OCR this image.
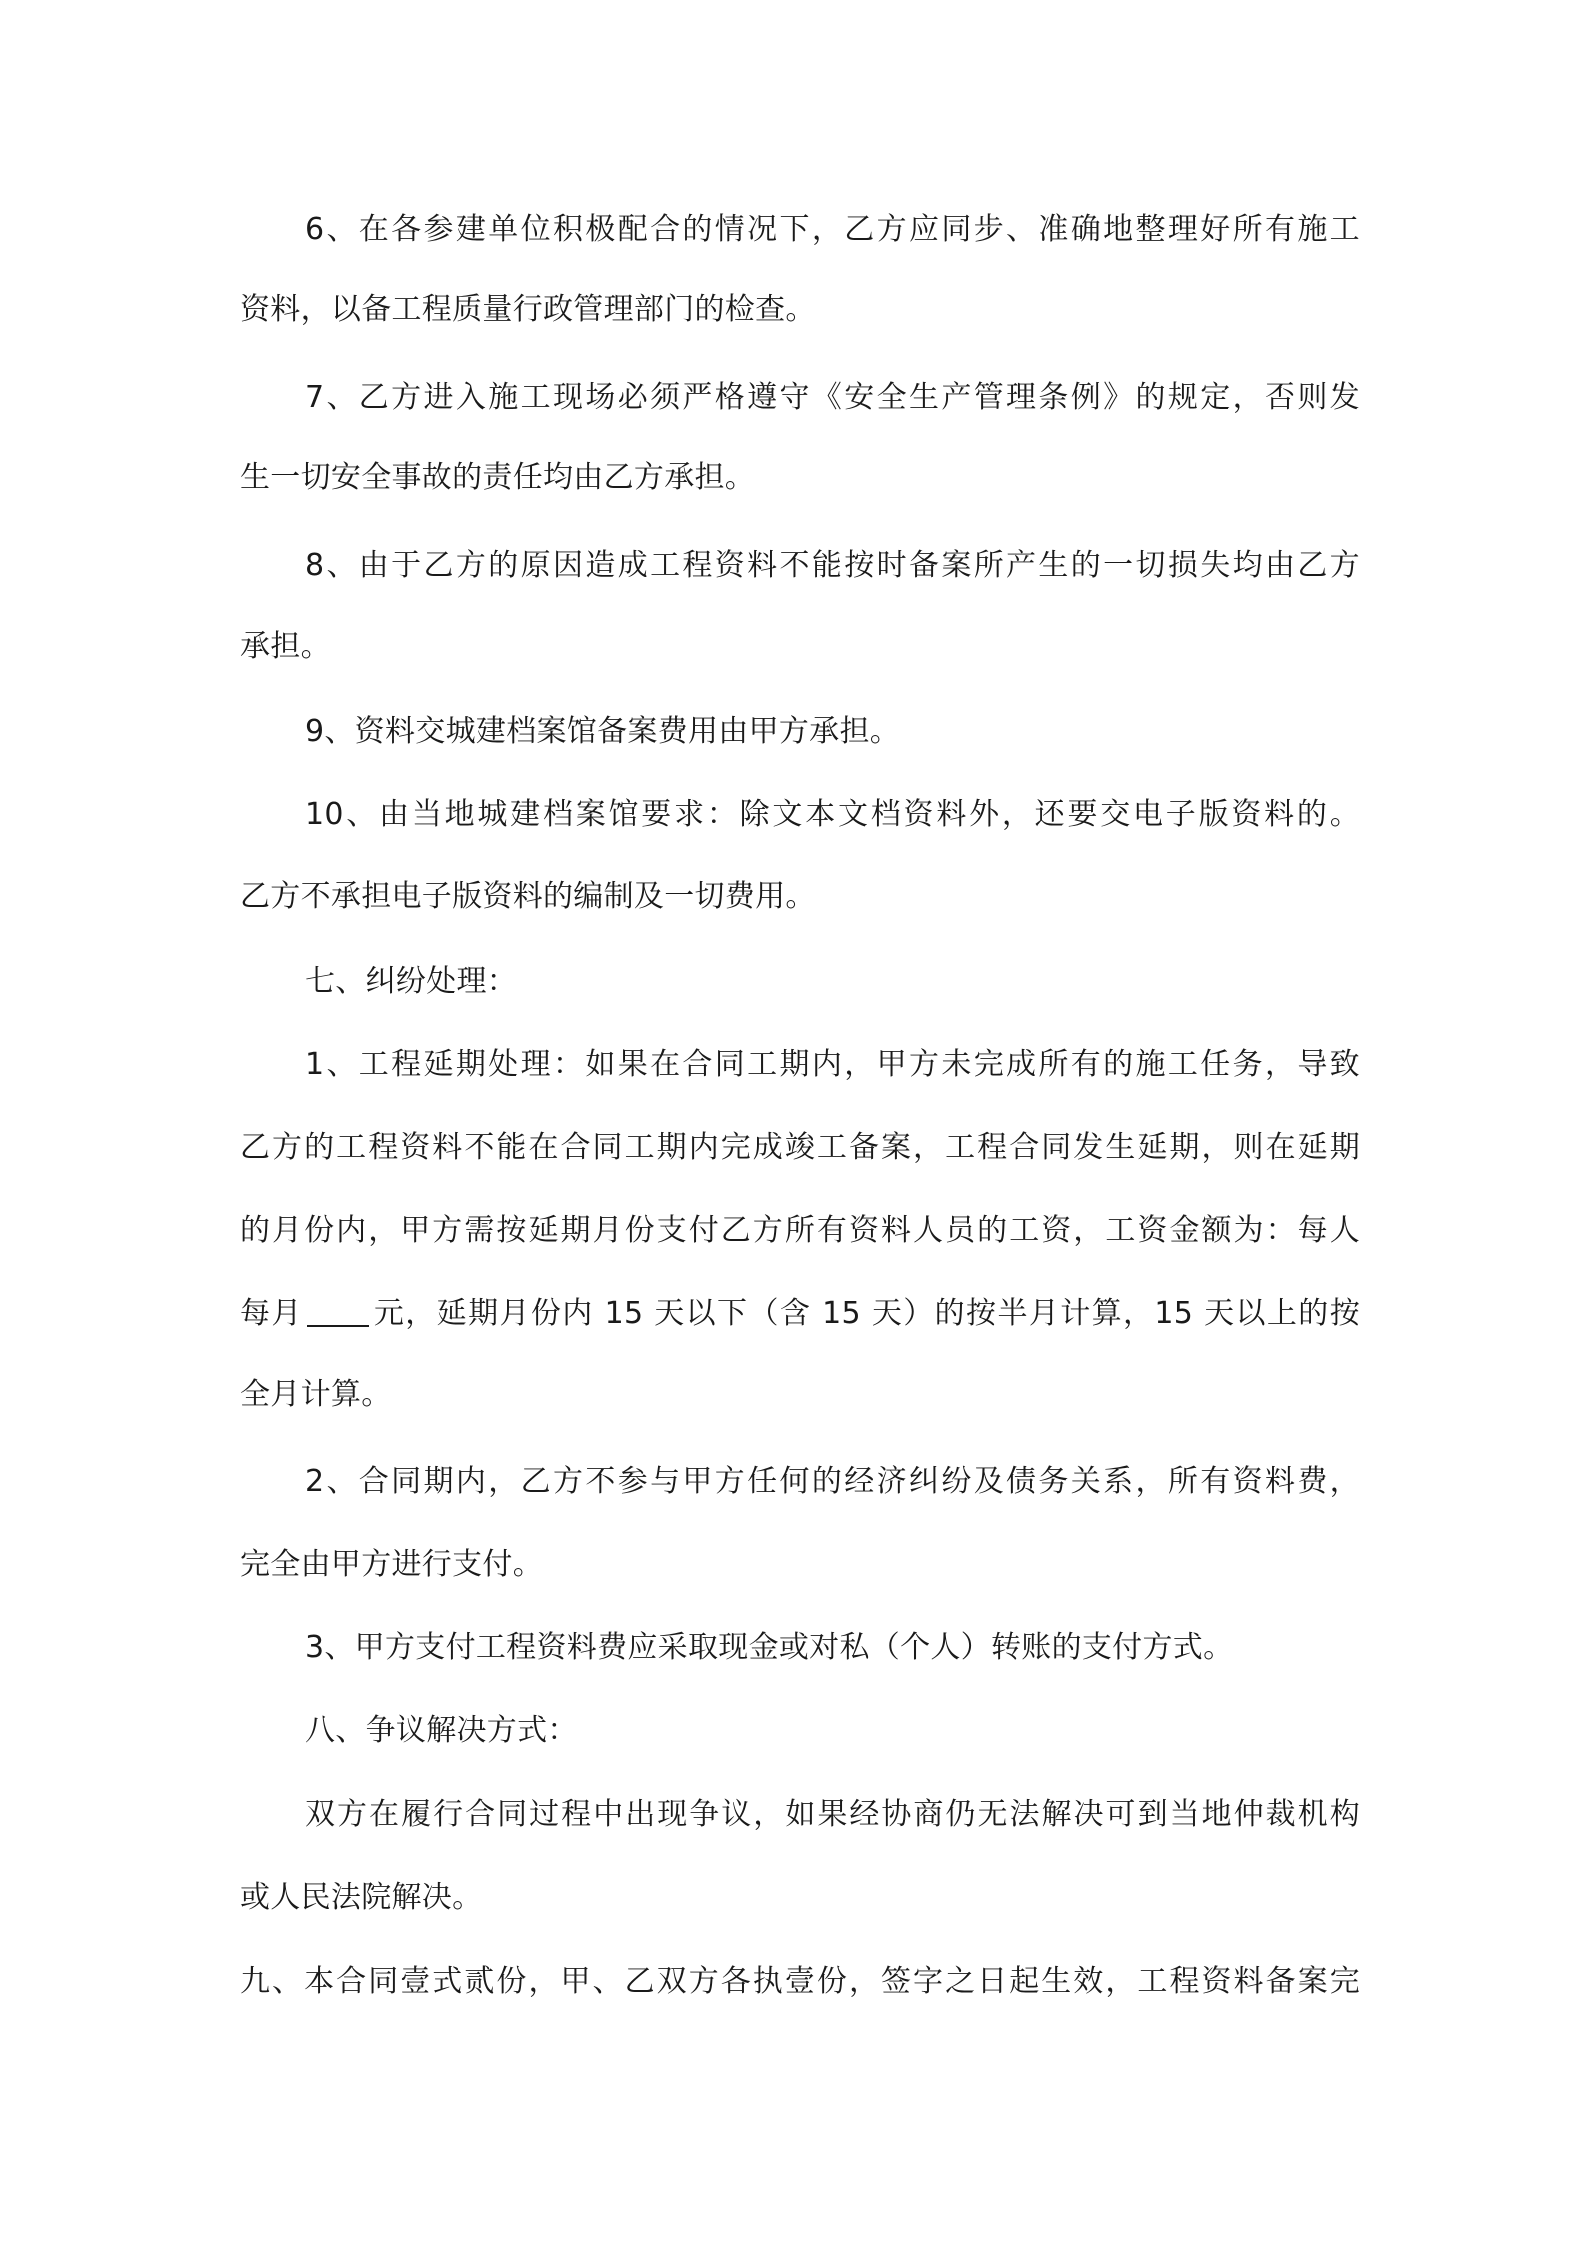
6、在各参建单位积极配合的情况下，乙方应同步、准确地整理好所有施工
资料，以备工程质量行政管理部门的检查。
7、乙方进入施工现场必须严格遵守《安全生产管理条例》的规定，否则发
生一切安全事故的责任均由乙方承担。
8、由于乙方的原因造成工程资料不能按时备案所产生的一切损失均由乙方
承担。
9、资料交城建档案馆备案费用由甲方承担。
10、由当地城建档案馆要求：除文本文档资料外，还要交电子版资料的。
乙方不承担电子版资料的编制及一切费用。
七、纠纷处理：
1、工程延期处理：如果在合同工期内，甲方未完成所有的施工任务，导致
乙方的工程资料不能在合同工期内完成竣工备案，工程合同发生延期，则在延期
的月份内，甲方需按延期月份支付乙方所有资料人员的工资，工资金额为：每人
每月 元，延期月份内 15 天以下（含 15 天）的按半月计算，15 天以上的按
全月计算。
2、合同期内，乙方不参与甲方任何的经济纠纷及债务关系，所有资料费，
完全由甲方进行支付。
3、甲方支付工程资料费应采取现金或对私（个人）转账的支付方式。
八、争议解决方式：
双方在履行合同过程中出现争议，如果经协商仍无法解决可到当地仲裁机构
或人民法院解决。
九、本合同壹式贰份，甲、乙双方各执壹份，签字之日起生效，工程资料备案完
